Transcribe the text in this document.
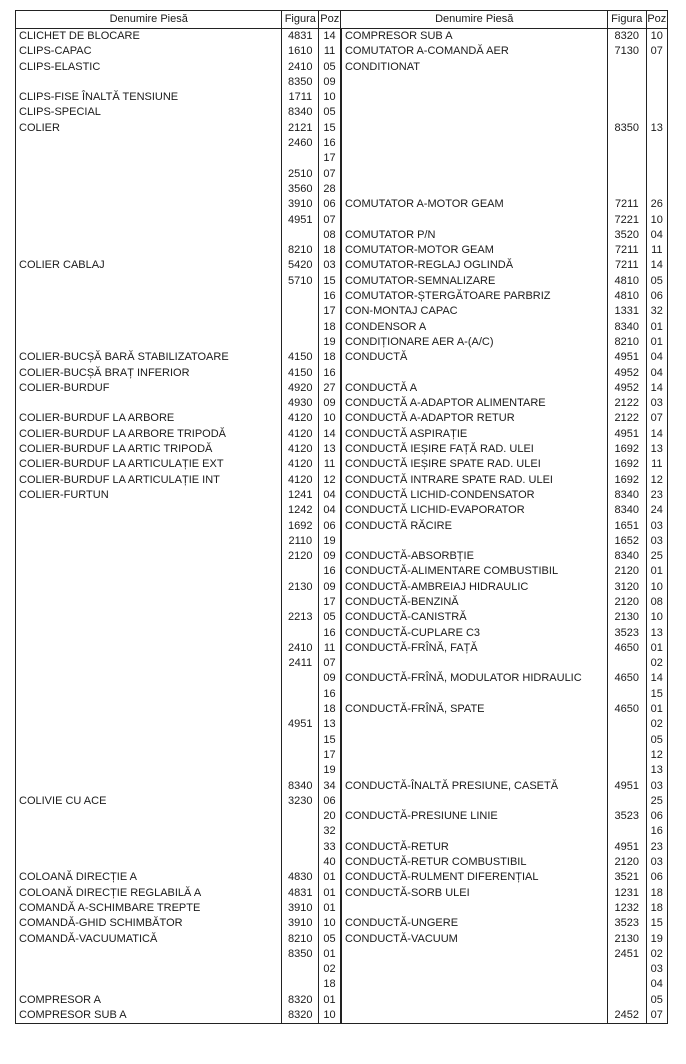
Denumire Piesă	Figura	Poz	Denumire Piesă	Figura	Poz
CLICHET DE BLOCARE	4831	14	COMPRESOR SUB A	8320	10
CLIPS-CAPAC	1610	11	COMUTATOR A-COMANDĂ AER	7130	07
CLIPS-ELASTIC	2410	05	CONDITIONAT		
	8350	09			
CLIPS-FISE ÎNALTĂ TENSIUNE	1711	10			
CLIPS-SPECIAL	8340	05			
COLIER	2121	15		8350	13
	2460	16			
		17			
	2510	07			
	3560	28			
	3910	06	COMUTATOR A-MOTOR GEAM	7211	26
	4951	07		7221	10
		08	COMUTATOR P/N	3520	04
	8210	18	COMUTATOR-MOTOR GEAM	7211	11
COLIER CABLAJ	5420	03	COMUTATOR-REGLAJ OGLINDĂ	7211	14
	5710	15	COMUTATOR-SEMNALIZARE	4810	05
		16	COMUTATOR-ȘTERGĂTOARE PARBRIZ	4810	06
		17	CON-MONTAJ CAPAC	1331	32
		18	CONDENSOR A	8340	01
		19	CONDIȚIONARE AER A-(A/C)	8210	01
COLIER-BUCȘĂ BARĂ STABILIZATOARE	4150	18	CONDUCTĂ	4951	04
COLIER-BUCȘĂ BRAȚ INFERIOR	4150	16		4952	04
COLIER-BURDUF	4920	27	CONDUCTĂ A	4952	14
	4930	09	CONDUCTĂ A-ADAPTOR ALIMENTARE	2122	03
COLIER-BURDUF LA ARBORE	4120	10	CONDUCTĂ A-ADAPTOR RETUR	2122	07
COLIER-BURDUF LA ARBORE TRIPODĂ	4120	14	CONDUCTĂ ASPIRAȚIE	4951	14
COLIER-BURDUF LA ARTIC TRIPODĂ	4120	13	CONDUCTĂ IEȘIRE FAȚĂ RAD. ULEI	1692	13
COLIER-BURDUF LA ARTICULAȚIE EXT	4120	11	CONDUCTĂ IEȘIRE SPATE RAD. ULEI	1692	11
COLIER-BURDUF LA ARTICULAȚIE INT	4120	12	CONDUCTĂ INTRARE SPATE RAD. ULEI	1692	12
COLIER-FURTUN	1241	04	CONDUCTĂ LICHID-CONDENSATOR	8340	23
	1242	04	CONDUCTĂ LICHID-EVAPORATOR	8340	24
	1692	06	CONDUCTĂ RĂCIRE	1651	03
	2110	19		1652	03
	2120	09	CONDUCTĂ-ABSORBȚIE	8340	25
		16	CONDUCTĂ-ALIMENTARE COMBUSTIBIL	2120	01
	2130	09	CONDUCTĂ-AMBREIAJ HIDRAULIC	3120	10
		17	CONDUCTĂ-BENZINĂ	2120	08
	2213	05	CONDUCTĂ-CANISTRĂ	2130	10
		16	CONDUCTĂ-CUPLARE C3	3523	13
	2410	11	CONDUCTĂ-FRÎNĂ, FAȚĂ	4650	01
	2411	07			02
		09	CONDUCTĂ-FRÎNĂ, MODULATOR HIDRAULIC	4650	14
		16			15
		18	CONDUCTĂ-FRÎNĂ, SPATE	4650	01
	4951	13			02
		15			05
		17			12
		19			13
	8340	34	CONDUCTĂ-ÎNALTĂ PRESIUNE, CASETĂ	4951	03
COLIVIE CU ACE	3230	06			25
		20	CONDUCTĂ-PRESIUNE LINIE	3523	06
		32			16
		33	CONDUCTĂ-RETUR	4951	23
		40	CONDUCTĂ-RETUR COMBUSTIBIL	2120	03
COLOANĂ DIRECȚIE A	4830	01	CONDUCTĂ-RULMENT DIFERENȚIAL	3521	06
COLOANĂ DIRECȚIE REGLABILĂ A	4831	01	CONDUCTĂ-SORB ULEI	1231	18
COMANDĂ A-SCHIMBARE TREPTE	3910	01		1232	18
COMANDĂ-GHID SCHIMBĂTOR	3910	10	CONDUCTĂ-UNGERE	3523	15
COMANDĂ-VACUUMATICĂ	8210	05	CONDUCTĂ-VACUUM	2130	19
	8350	01		2451	02
		02			03
		18			04
COMPRESOR A	8320	01			05
COMPRESOR SUB A	8320	10		2452	07
